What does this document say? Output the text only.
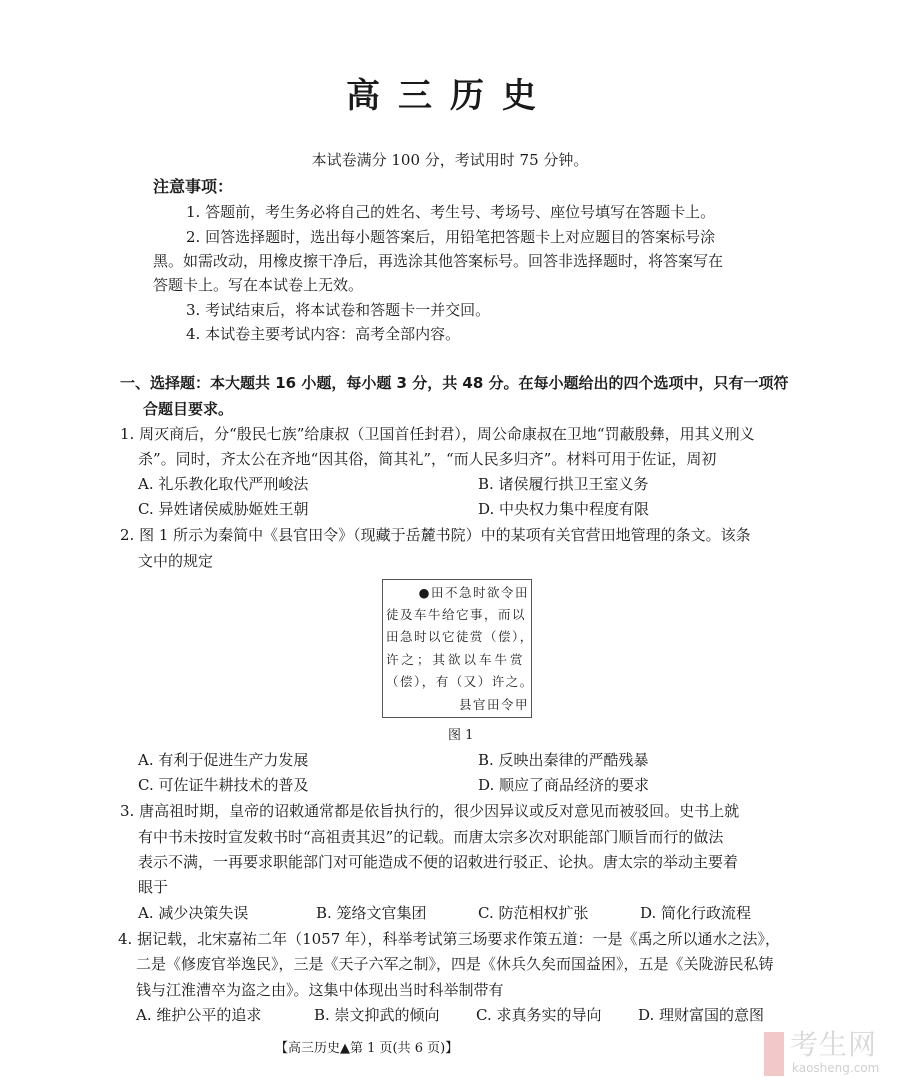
高三历史
本试卷满分 100 分，考试用时 75 分钟。
注意事项：
1. 答题前，考生务必将自己的姓名、考生号、考场号、座位号填写在答题卡上。
2. 回答选择题时，选出每小题答案后，用铅笔把答题卡上对应题目的答案标号涂
黑。如需改动，用橡皮擦干净后，再选涂其他答案标号。回答非选择题时，将答案写在
答题卡上。写在本试卷上无效。
3. 考试结束后，将本试卷和答题卡一并交回。
4. 本试卷主要考试内容：高考全部内容。
一、选择题：本大题共 16 小题，每小题 3 分，共 48 分。在每小题给出的四个选项中，只有一项符
合题目要求。
1. 周灭商后，分“殷民七族”给康叔（卫国首任封君），周公命康叔在卫地“罚蔽殷彝，用其义刑义
杀”。同时，齐太公在齐地“因其俗，简其礼”，“而人民多归齐”。材料可用于佐证，周初
A. 礼乐教化取代严刑峻法	B. 诸侯履行拱卫王室义务
C. 异姓诸侯威胁姬姓王朝	D. 中央权力集中程度有限
2. 图 1 所示为秦简中《县官田令》（现藏于岳麓书院）中的某项有关官营田地管理的条文。该条
文中的规定
●田不急时欲令田
徒及车牛给它事，而以
田急时以它徒赏（偿），
许之；其欲以车牛赏
（偿），有（又）许之。
县官田令甲
图 1
A. 有利于促进生产力发展	B. 反映出秦律的严酷残暴
C. 可佐证牛耕技术的普及	D. 顺应了商品经济的要求
3. 唐高祖时期，皇帝的诏敕通常都是依旨执行的，很少因异议或反对意见而被驳回。史书上就
有中书未按时宣发敕书时“高祖责其迟”的记载。而唐太宗多次对职能部门顺旨而行的做法
表示不满，一再要求职能部门对可能造成不便的诏敕进行驳正、论执。唐太宗的举动主要着
眼于
A. 减少决策失误	B. 笼络文官集团	C. 防范相权扩张	D. 简化行政流程
4. 据记载，北宋嘉祐二年（1057 年），科举考试第三场要求作策五道：一是《禹之所以通水之法》，
二是《修废官举逸民》，三是《天子六军之制》，四是《休兵久矣而国益困》，五是《关陇游民私铸
钱与江淮漕卒为盗之由》。这集中体现出当时科举制带有
A. 维护公平的追求	B. 崇文抑武的倾向 C. 求真务实的导向 D. 理财富国的意图
【高三历史▲第 1 页(共 6 页)】	考生网
kaosheng.com
